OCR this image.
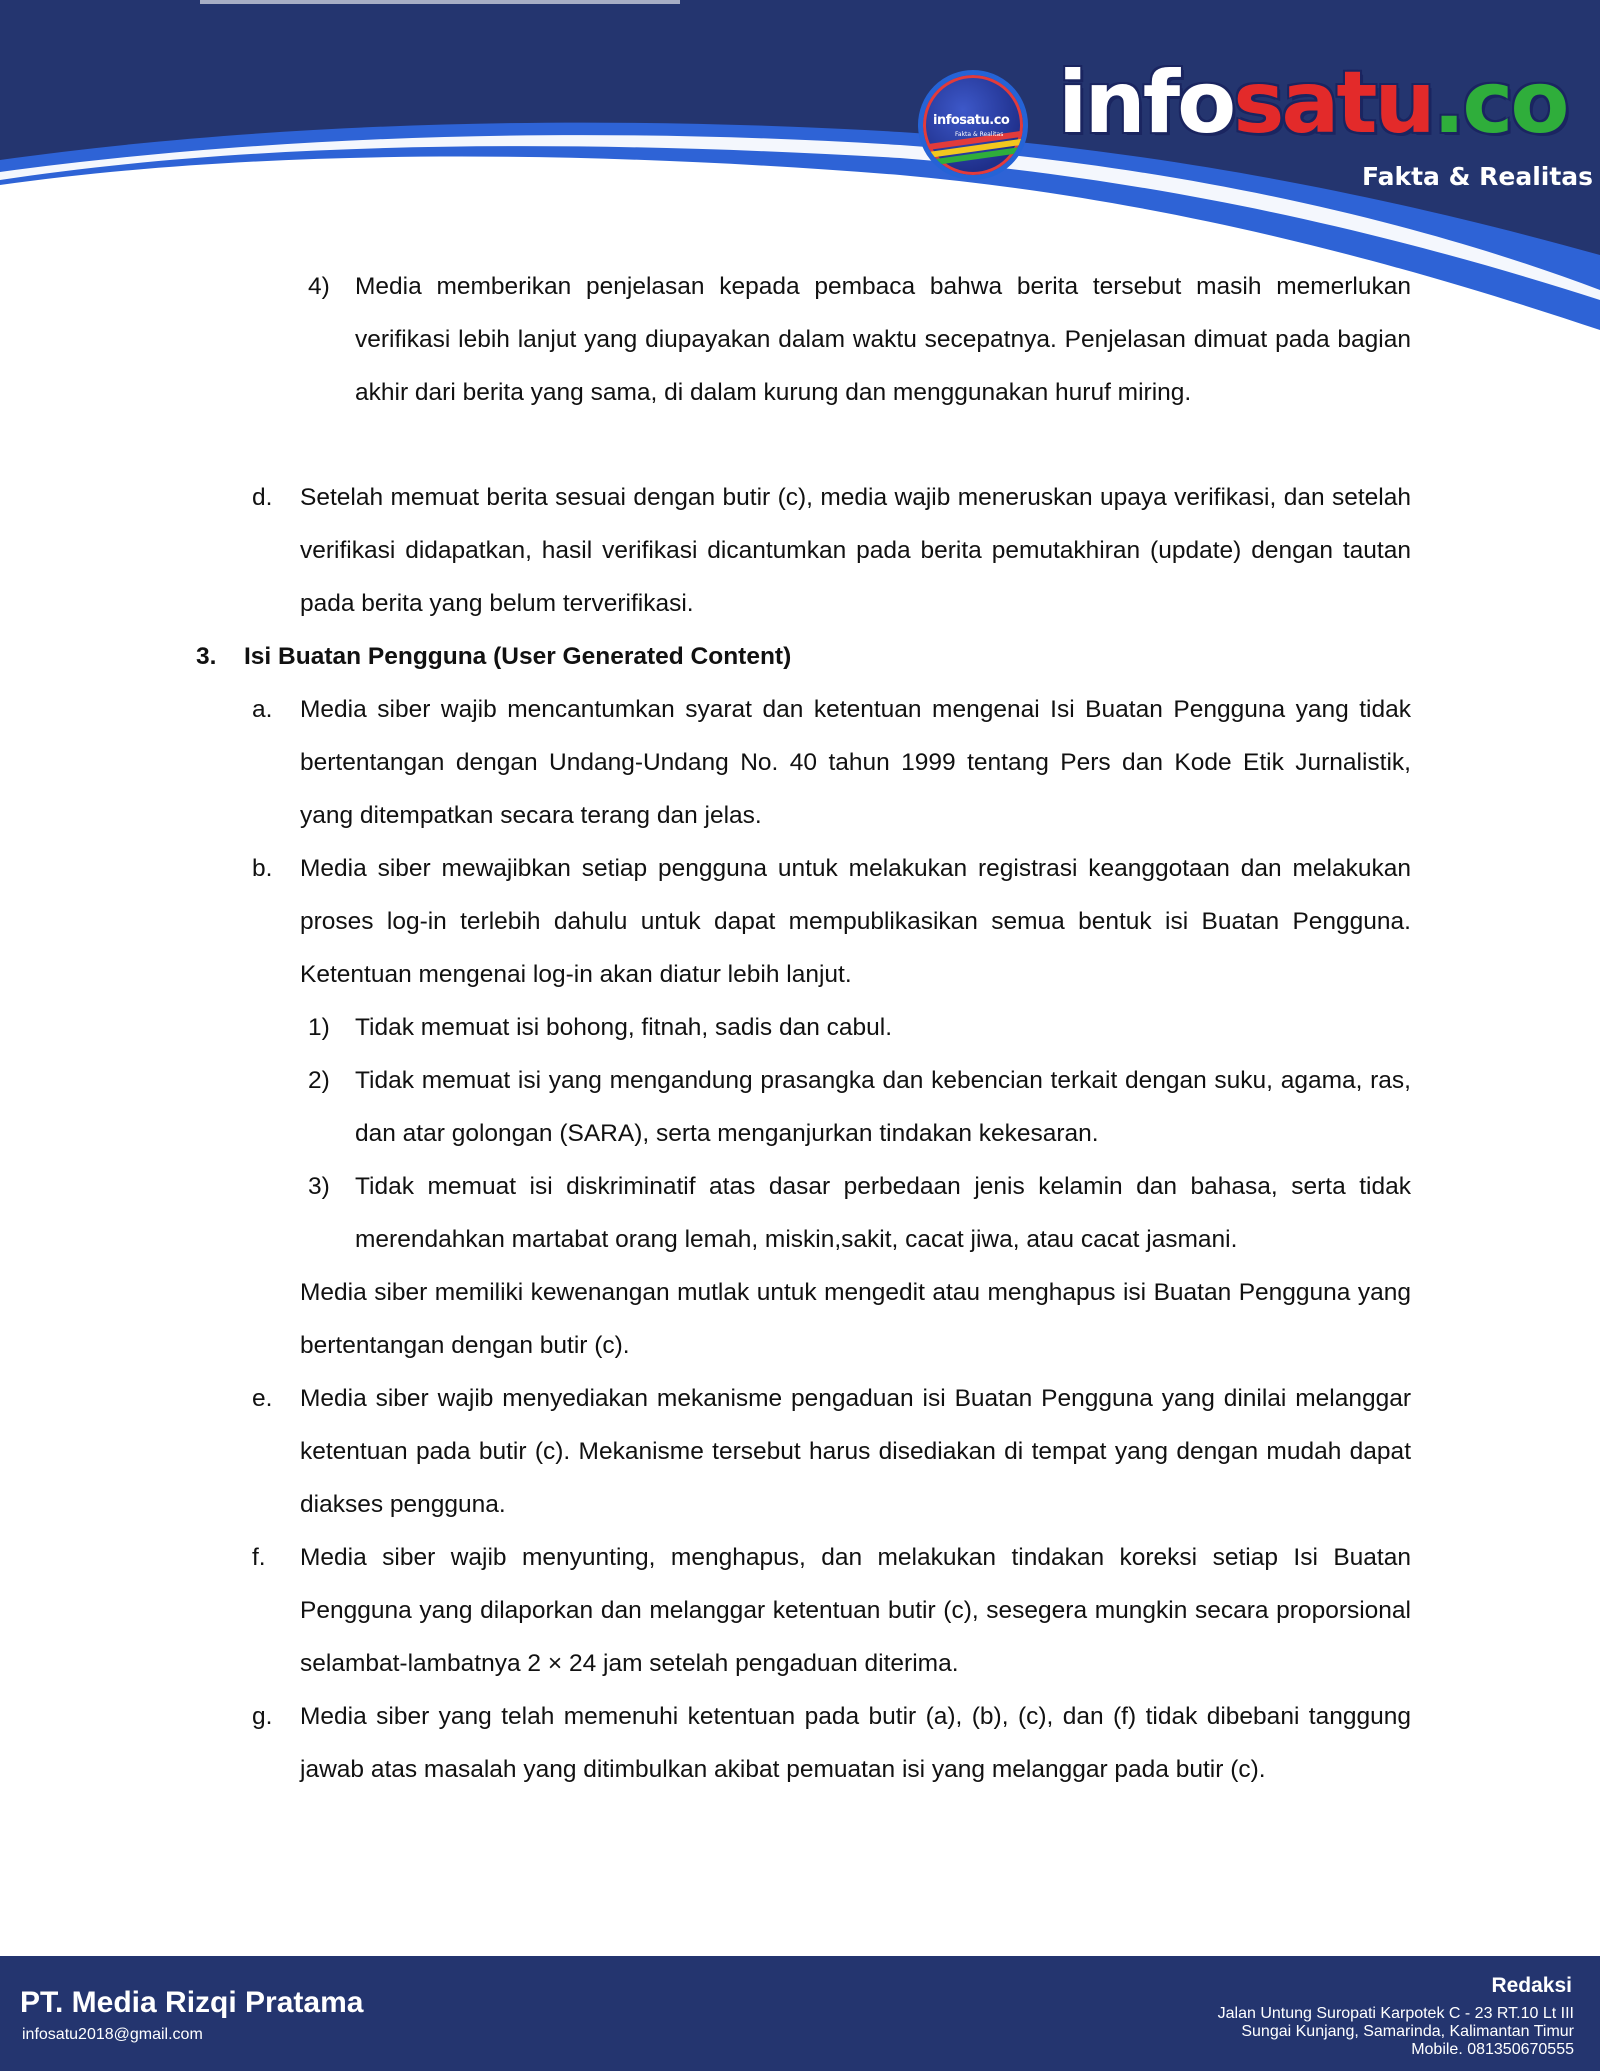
infosatu.co
Fakta & Realitas infosatu.co
Fakta & Realitas
4) Media memberikan penjelasan kepada pembaca bahwa berita tersebut masih memerlukan verifikasi lebih lanjut yang diupayakan dalam waktu secepatnya. Penjelasan dimuat pada bagian akhir dari berita yang sama, di dalam kurung dan menggunakan huruf miring.
d. Setelah memuat berita sesuai dengan butir (c), media wajib meneruskan upaya verifikasi, dan setelah verifikasi didapatkan, hasil verifikasi dicantumkan pada berita pemutakhiran (update) dengan tautan pada berita yang belum terverifikasi.
3. Isi Buatan Pengguna (User Generated Content)
a. Media siber wajib mencantumkan syarat dan ketentuan mengenai Isi Buatan Pengguna yang tidak bertentangan dengan Undang-Undang No. 40 tahun 1999 tentang Pers dan Kode Etik Jurnalistik, yang ditempatkan secara terang dan jelas.
b. Media siber mewajibkan setiap pengguna untuk melakukan registrasi keanggotaan dan melakukan proses log-in terlebih dahulu untuk dapat mempublikasikan semua bentuk isi Buatan Pengguna. Ketentuan mengenai log-in akan diatur lebih lanjut.
1) Tidak memuat isi bohong, fitnah, sadis dan cabul.
2) Tidak memuat isi yang mengandung prasangka dan kebencian terkait dengan suku, agama, ras, dan atar golongan (SARA), serta menganjurkan tindakan kekesaran.
3) Tidak memuat isi diskriminatif atas dasar perbedaan jenis kelamin dan bahasa, serta tidak merendahkan martabat orang lemah, miskin,sakit, cacat jiwa, atau cacat jasmani.
Media siber memiliki kewenangan mutlak untuk mengedit atau menghapus isi Buatan Pengguna yang bertentangan dengan butir (c).
e. Media siber wajib menyediakan mekanisme pengaduan isi Buatan Pengguna yang dinilai melanggar ketentuan pada butir (c). Mekanisme tersebut harus disediakan di tempat yang dengan mudah dapat diakses pengguna.
f. Media siber wajib menyunting, menghapus, dan melakukan tindakan koreksi setiap Isi Buatan Pengguna yang dilaporkan dan melanggar ketentuan butir (c), sesegera mungkin secara proporsional selambat-lambatnya 2 × 24 jam setelah pengaduan diterima.
g. Media siber yang telah memenuhi ketentuan pada butir (a), (b), (c), dan (f) tidak dibebani tanggung jawab atas masalah yang ditimbulkan akibat pemuatan isi yang melanggar pada butir (c).
PT. Media Rizqi Pratama
infosatu2018@gmail.com
Redaksi
Jalan Untung Suropati Karpotek C - 23 RT.10 Lt III
Sungai Kunjang, Samarinda, Kalimantan Timur
Mobile. 081350670555
